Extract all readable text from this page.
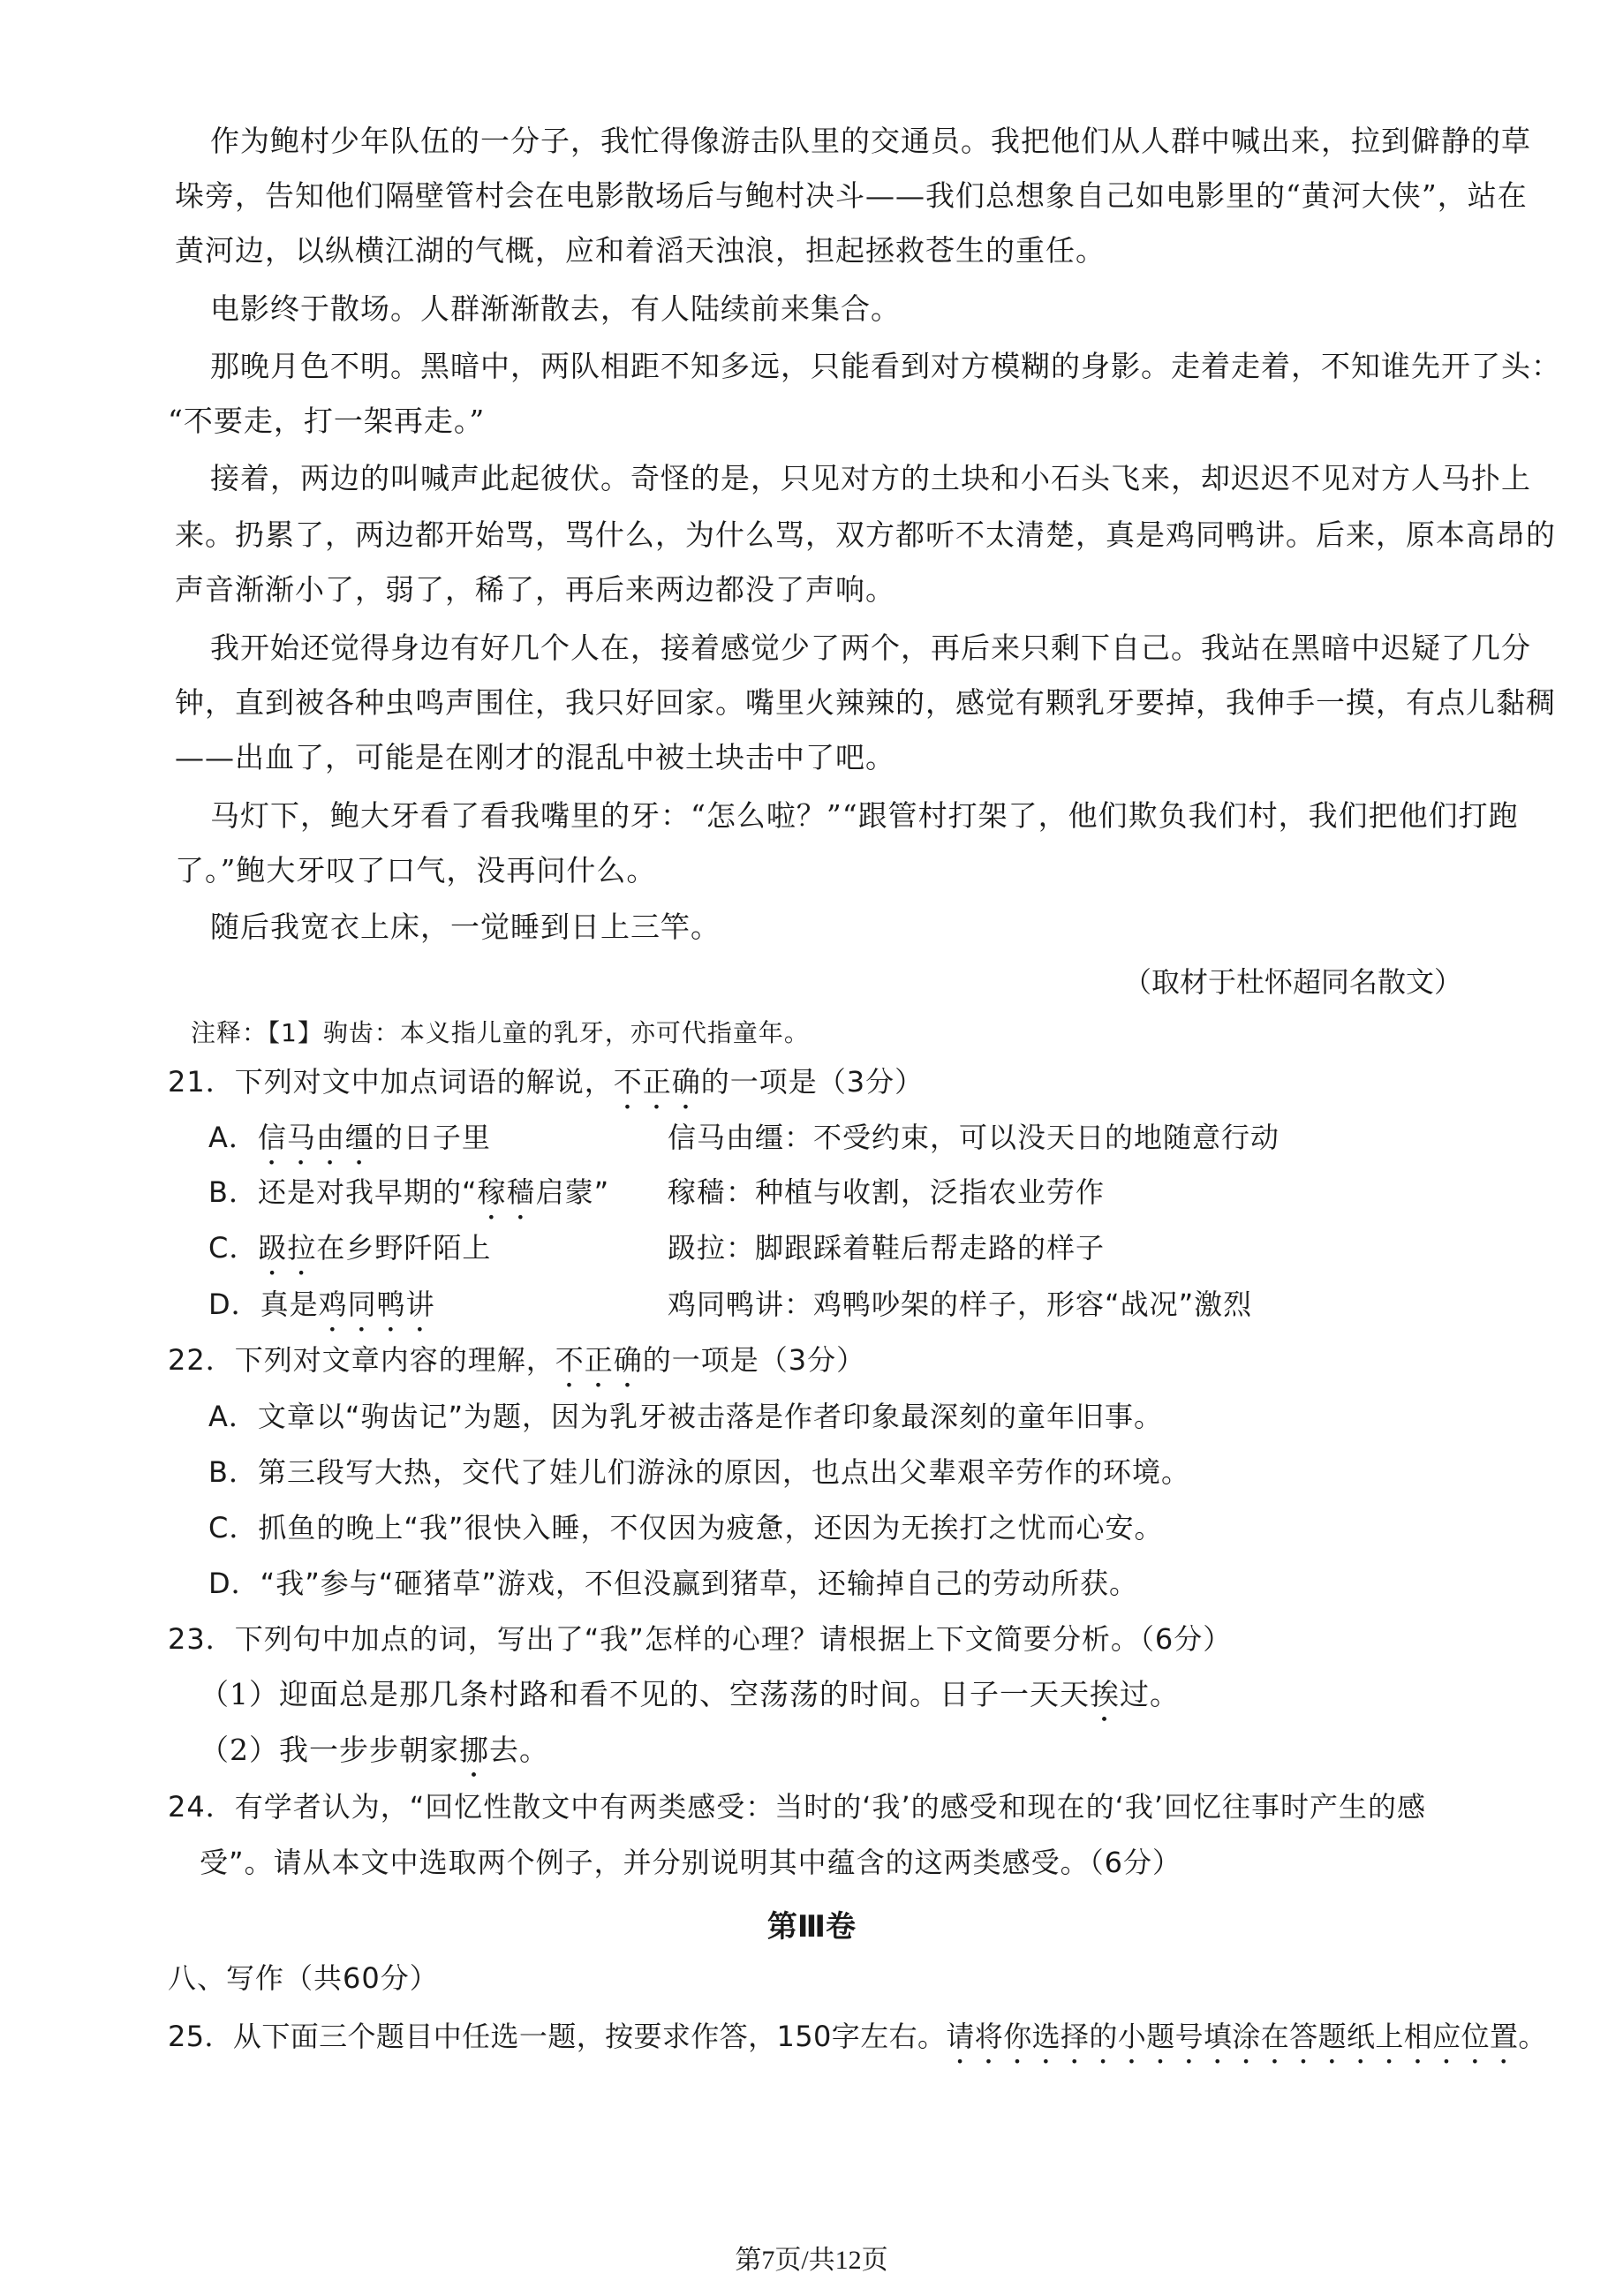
作为鲍村少年队伍的一分子，我忙得像游击队里的交通员。我把他们从人群中喊出来，拉到僻静的草
垛旁，告知他们隔壁管村会在电影散场后与鲍村决斗——我们总想象自己如电影里的“黄河大侠”，站在
黄河边，以纵横江湖的气概，应和着滔天浊浪，担起拯救苍生的重任。
电影终于散场。人群渐渐散去，有人陆续前来集合。
那晚月色不明。黑暗中，两队相距不知多远，只能看到对方模糊的身影。走着走着，不知谁先开了头：
“不要走，打一架再走。”
接着，两边的叫喊声此起彼伏。奇怪的是，只见对方的土块和小石头飞来，却迟迟不见对方人马扑上
来。扔累了，两边都开始骂，骂什么，为什么骂，双方都听不太清楚，真是鸡同鸭讲。后来，原本高昂的
声音渐渐小了，弱了，稀了，再后来两边都没了声响。
我开始还觉得身边有好几个人在，接着感觉少了两个，再后来只剩下自己。我站在黑暗中迟疑了几分
钟，直到被各种虫鸣声围住，我只好回家。嘴里火辣辣的，感觉有颗乳牙要掉，我伸手一摸，有点儿黏稠
——出血了，可能是在刚才的混乱中被土块击中了吧。
马灯下，鲍大牙看了看我嘴里的牙：“怎么啦？”“跟管村打架了，他们欺负我们村，我们把他们打跑
了。”鲍大牙叹了口气，没再问什么。
随后我宽衣上床，一觉睡到日上三竿。
（取材于杜怀超同名散文）
注释：【1】驹齿：本义指儿童的乳牙，亦可代指童年。
21．下列对文中加点词语的解说，不正确的一项是（3分）
A．信马由缰的日子里	信马由缰：不受约束，可以没天日的地随意行动
B．还是对我早期的“稼穑启蒙” 稼穑：种植与收割，泛指农业劳作
C．趿拉在乡野阡陌上	趿拉：脚跟踩着鞋后帮走路的样子
D．真是鸡同鸭讲	鸡同鸭讲：鸡鸭吵架的样子，形容“战况”激烈
22．下列对文章内容的理解，不正确的一项是（3分）
A．文章以“驹齿记”为题，因为乳牙被击落是作者印象最深刻的童年旧事。
B．第三段写大热，交代了娃儿们游泳的原因，也点出父辈艰辛劳作的环境。
C．抓鱼的晚上“我”很快入睡，不仅因为疲惫，还因为无挨打之忧而心安。
D．“我”参与“砸猪草”游戏，不但没赢到猪草，还输掉自己的劳动所获。
23．下列句中加点的词，写出了“我”怎样的心理？请根据上下文简要分析。（6分）
（1）迎面总是那几条村路和看不见的、空荡荡的时间。日子一天天挨过。
（2）我一步步朝家挪去。
24．有学者认为，“回忆性散文中有两类感受：当时的‘我’的感受和现在的‘我’回忆往事时产生的感
受”。请从本文中选取两个例子，并分别说明其中蕴含的这两类感受。（6分）
第Ⅲ卷
八、写作（共60分）
25．从下面三个题目中任选一题，按要求作答，150字左右。请将你选择的小题号填涂在答题纸上相应位置。
第7页/共12页
